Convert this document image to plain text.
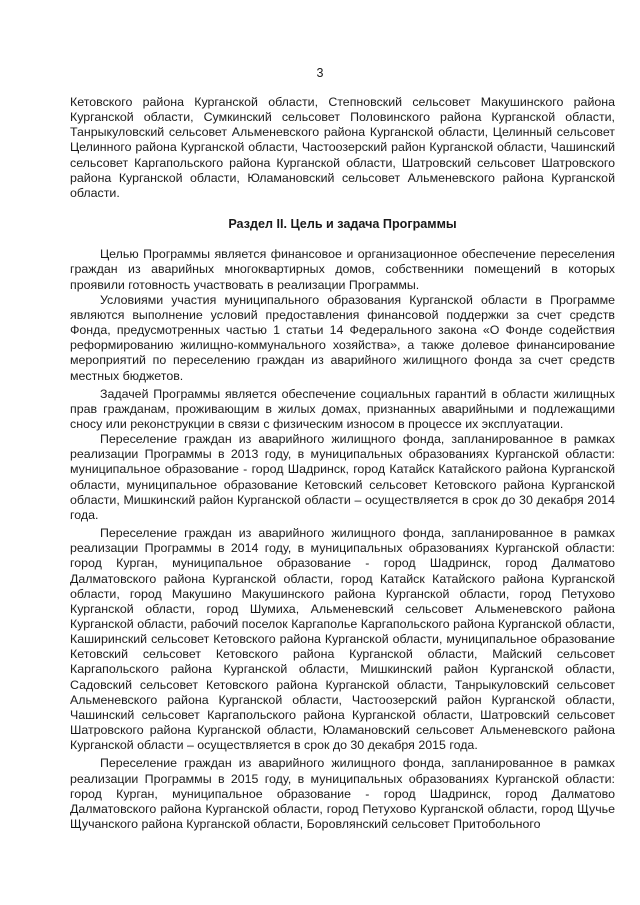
3

Кетовского района Курганской области, Степновский сельсовет Макушинского района Курганской области, Сумкинский сельсовет Половинского района Курганской области, Танрыкуловский сельсовет Альменевского района Курганской области, Целинный сельсовет Целинного района Курганской области, Частоозерский район Курганской области, Чашинский сельсовет Каргапольского района Курганской области, Шатровский сельсовет Шатровского района Курганской области, Юламановский сельсовет Альменевского района Курганской области.

Раздел II. Цель и задача Программы

Целью Программы является финансовое и организационное обеспечение переселения граждан из аварийных многоквартирных домов, собственники помещений в которых проявили готовность участвовать в реализации Программы.

Условиями участия муниципального образования Курганской области в Программе являются выполнение условий предоставления финансовой поддержки за счет средств Фонда, предусмотренных частью 1 статьи 14 Федерального закона «О Фонде содействия реформированию жилищно-коммунального хозяйства», а также долевое финансирование мероприятий по переселению граждан из аварийного жилищного фонда за счет средств местных бюджетов.

Задачей Программы является обеспечение социальных гарантий в области жилищных прав гражданам, проживающим в жилых домах, признанных аварийными и подлежащими сносу или реконструкции в связи с физическим износом в процессе их эксплуатации.

Переселение граждан из аварийного жилищного фонда, запланированное в рамках реализации Программы в 2013 году, в муниципальных образованиях Курганской области: муниципальное образование - город Шадринск, город Катайск Катайского района Курганской области, муниципальное образование Кетовский сельсовет Кетовского района Курганской области, Мишкинский район Курганской области – осуществляется в срок до 30 декабря 2014 года.

Переселение граждан из аварийного жилищного фонда, запланированное в рамках реализации Программы в 2014 году, в муниципальных образованиях Курганской области: город Курган, муниципальное образование - город Шадринск, город Далматово Далматовского района Курганской области, город Катайск Катайского района Курганской области, город Макушино Макушинского района Курганской области, город Петухово Курганской области, город Шумиха, Альменевский сельсовет Альменевского района Курганской области, рабочий поселок Каргаполье Каргапольского района Курганской области, Каширинский сельсовет Кетовского района Курганской области, муниципальное образование Кетовский сельсовет Кетовского района Курганской области, Майский сельсовет Каргапольского района Курганской области, Мишкинский район Курганской области, Садовский сельсовет Кетовского района Курганской области, Танрыкуловский сельсовет Альменевского района Курганской области, Частоозерский район Курганской области, Чашинский сельсовет Каргапольского района Курганской области, Шатровский сельсовет Шатровского района Курганской области, Юламановский сельсовет Альменевского района Курганской области – осуществляется в срок до 30 декабря 2015 года.

Переселение граждан из аварийного жилищного фонда, запланированное в рамках реализации Программы в 2015 году, в муниципальных образованиях Курганской области: город Курган, муниципальное образование - город Шадринск, город Далматово Далматовского района Курганской области, город Петухово Курганской области, город Щучье Щучанского района Курганской области, Боровлянский сельсовет Притобольного
